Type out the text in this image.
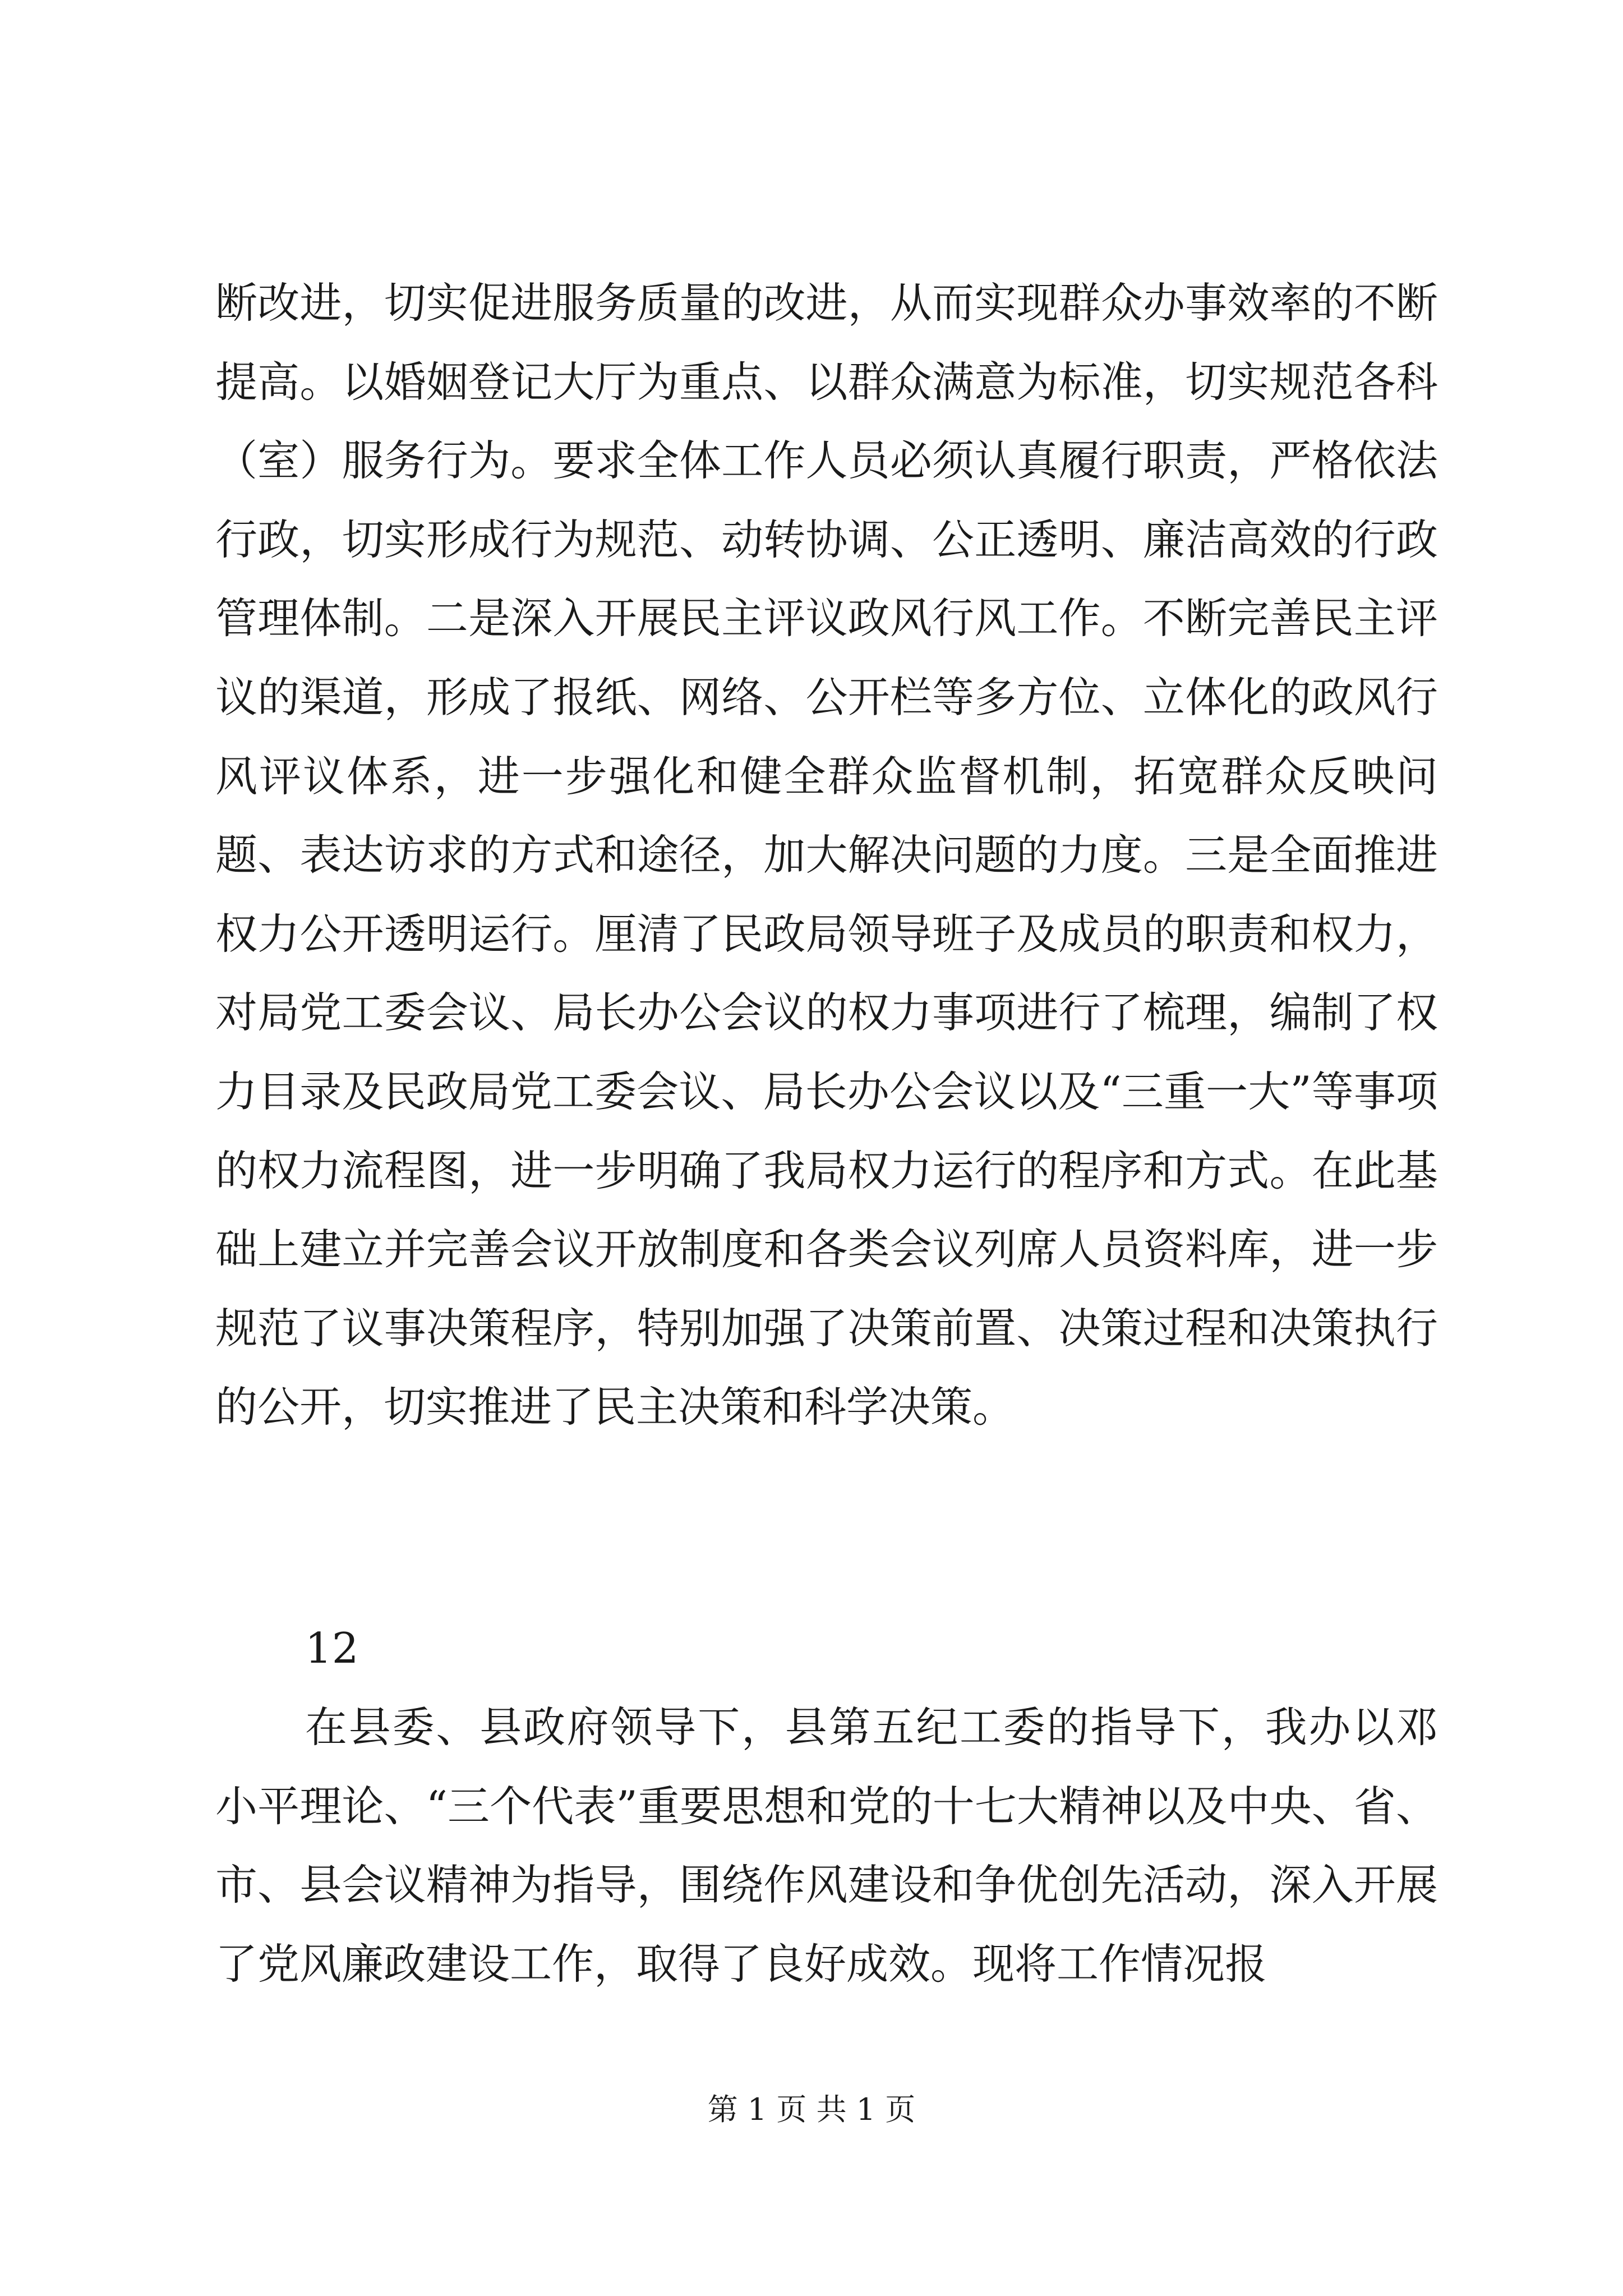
断改进，切实促进服务质量的改进，从而实现群众办事效率的不断提高。以婚姻登记大厅为重点、以群众满意为标准，切实规范各科（室）服务行为。要求全体工作人员必须认真履行职责，严格依法行政，切实形成行为规范、动转协调、公正透明、廉洁高效的行政管理体制。二是深入开展民主评议政风行风工作。不断完善民主评议的渠道，形成了报纸、网络、公开栏等多方位、立体化的政风行风评议体系，进一步强化和健全群众监督机制，拓宽群众反映问题、表达访求的方式和途径，加大解决问题的力度。三是全面推进权力公开透明运行。厘清了民政局领导班子及成员的职责和权力，对局党工委会议、局长办公会议的权力事项进行了梳理，编制了权力目录及民政局党工委会议、局长办公会议以及“三重一大”等事项的权力流程图，进一步明确了我局权力运行的程序和方式。在此基础上建立并完善会议开放制度和各类会议列席人员资料库，进一步规范了议事决策程序，特别加强了决策前置、决策过程和决策执行的公开，切实推进了民主决策和科学决策。

12

在县委、县政府领导下，县第五纪工委的指导下，我办以邓小平理论、“三个代表”重要思想和党的十七大精神以及中央、省、市、县会议精神为指导，围绕作风建设和争优创先活动，深入开展了党风廉政建设工作，取得了良好成效。现将工作情况报

第 1 页 共 1 页
